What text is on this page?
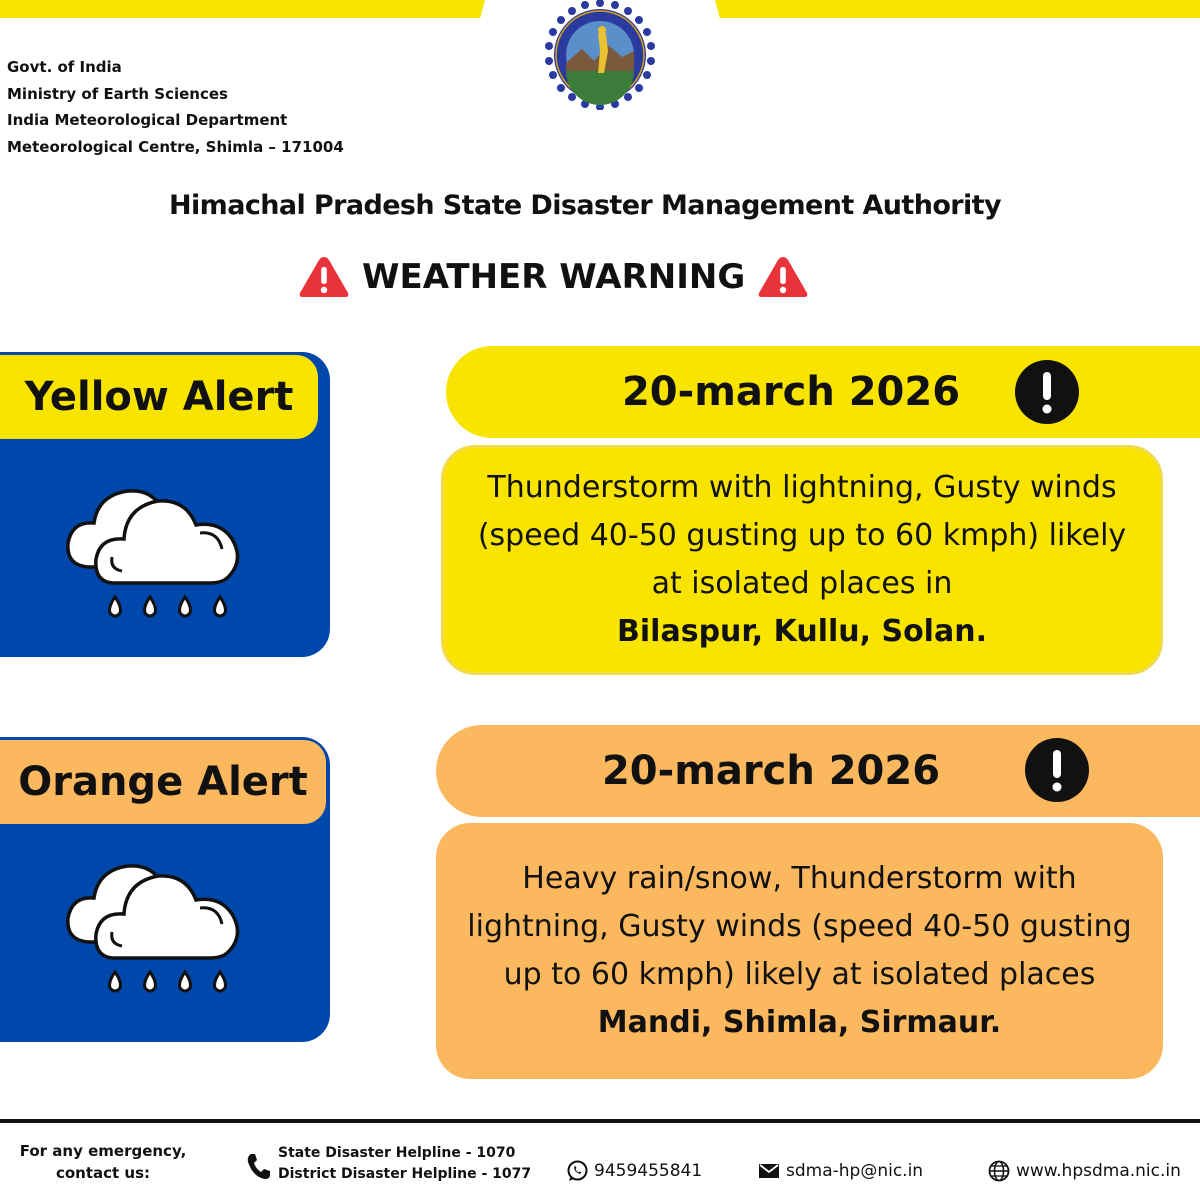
Govt. of India
Ministry of Earth Sciences
India Meteorological Department
Meteorological Centre, Shimla – 171004
Himachal Pradesh State Disaster Management Authority
WEATHER WARNING
Yellow Alert	20-march 2026
Thunderstorm with lightning, Gusty winds (speed 40-50 gusting up to 60 kmph) likely at isolated places in
Bilaspur, Kullu, Solan.
Orange Alert	20-march 2026
Heavy rain/snow, Thunderstorm with lightning, Gusty winds (speed 40-50 gusting up to 60 kmph) likely at isolated places Mandi, Shimla, Sirmaur.
For any emergency, contact us:
State Disaster Helpline - 1070
District Disaster Helpline - 1077	9459455841	sdma-hp@nic.in	www.hpsdma.nic.in
